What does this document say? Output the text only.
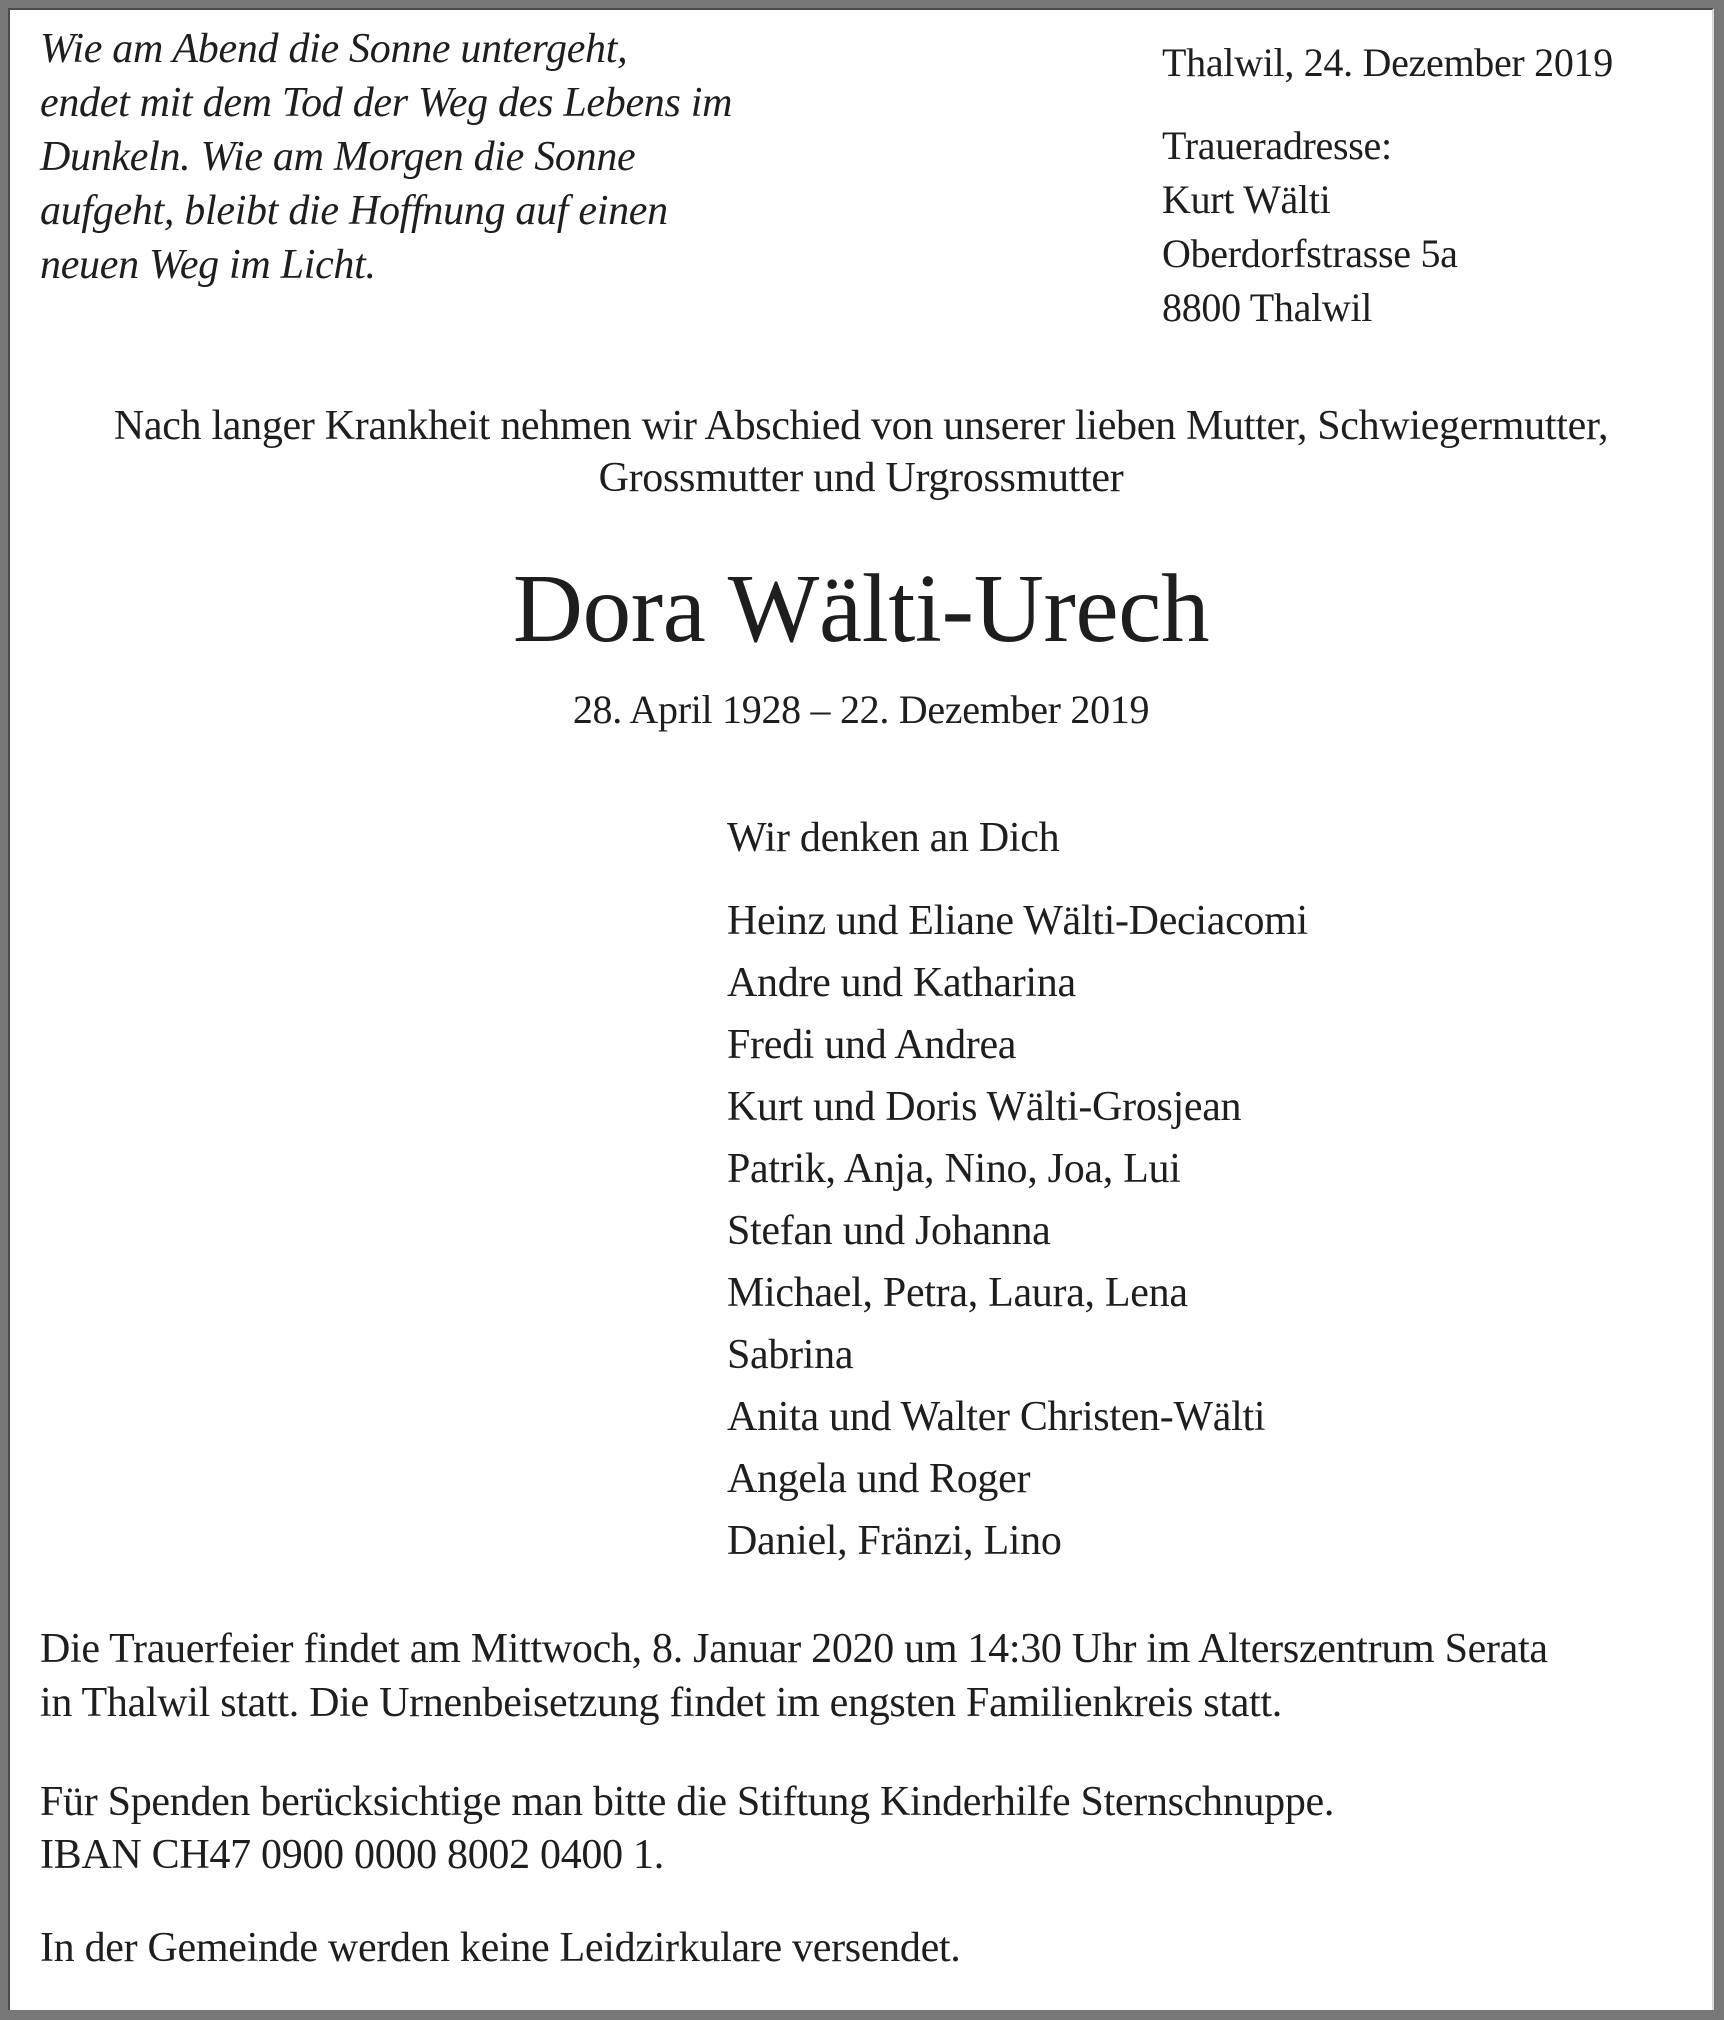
Wie am Abend die Sonne untergeht,
endet mit dem Tod der Weg des Lebens im
Dunkeln. Wie am Morgen die Sonne
aufgeht, bleibt die Hoffnung auf einen
neuen Weg im Licht.
Thalwil, 24. Dezember 2019
Traueradresse:
Kurt Wälti
Oberdorfstrasse 5a
8800 Thalwil
Nach langer Krankheit nehmen wir Abschied von unserer lieben Mutter, Schwiegermutter,
Grossmutter und Urgrossmutter
Dora Wälti-Urech
28. April 1928 – 22. Dezember 2019
Wir denken an Dich
Heinz und Eliane Wälti-Deciacomi
Andre und Katharina
Fredi und Andrea
Kurt und Doris Wälti-Grosjean
Patrik, Anja, Nino, Joa, Lui
Stefan und Johanna
Michael, Petra, Laura, Lena
Sabrina
Anita und Walter Christen-Wälti
Angela und Roger
Daniel, Fränzi, Lino
Die Trauerfeier findet am Mittwoch, 8. Januar 2020 um 14:30 Uhr im Alterszentrum Serata
in Thalwil statt. Die Urnenbeisetzung findet im engsten Familienkreis statt.
Für Spenden berücksichtige man bitte die Stiftung Kinderhilfe Sternschnuppe.
IBAN CH47 0900 0000 8002 0400 1.
In der Gemeinde werden keine Leidzirkulare versendet.
